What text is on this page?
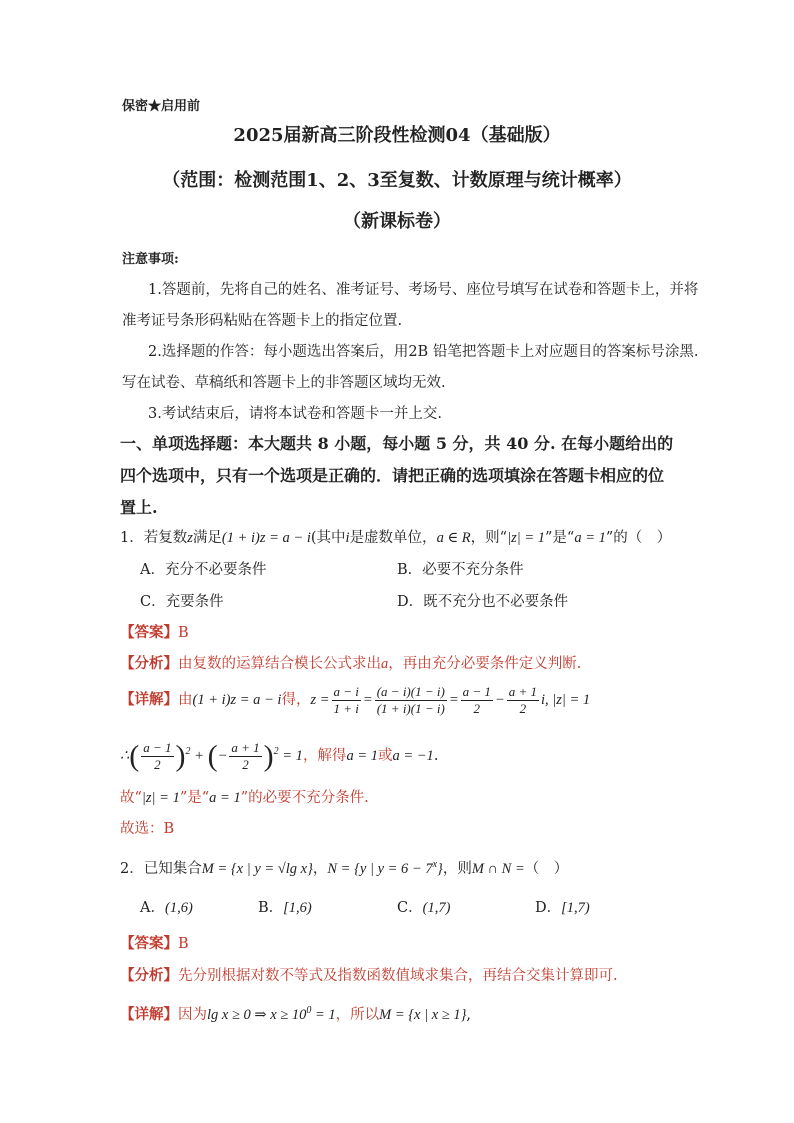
保密★启用前
2025届新高三阶段性检测04（基础版）
（范围：检测范围1、2、3至复数、计数原理与统计概率）
（新课标卷）
注意事项:
1.答题前，先将自己的姓名、准考证号、考场号、座位号填写在试卷和答题卡上，并将
准考证号条形码粘贴在答题卡上的指定位置.
2.选择题的作答：每小题选出答案后，用2B 铅笔把答题卡上对应题目的答案标号涂黑.
写在试卷、草稿纸和答题卡上的非答题区域均无效.
3.考试结束后，请将本试卷和答题卡一并上交.
一、单项选择题：本大题共 8 小题，每小题 5 分，共 40 分. 在每小题给出的
四个选项中，只有一个选项是正确的．请把正确的选项填涂在答题卡相应的位
置上.
1．若复数z满足(1 + i)z = a − i(其中i是虚数单位，a ∈ R，则“|z| = 1”是“a = 1”的（　）
A．充分不必要条件	B．必要不充分条件
C．充要条件	D．既不充分也不必要条件
【答案】B
【分析】由复数的运算结合模长公式求出a，再由充分必要条件定义判断.
【详解】由(1 + i)z = a − i得，$z = \frac{a - i}{1 + i} = \frac{(a - i)(1 - i)}{(1 + i)(1 - i)} = \frac{a - 1}{2} - \frac{a + 1}{2} i$, |z| = 1
∴( $\frac{a - 1}{2} )^2$ + (− $\frac{a + 1}{2} )^2 = 1$，解得a = 1或a = −1.
故“|z| = 1”是“a = 1”的必要不充分条件.
故选：B
2．已知集合M = {x | y = √lg x}，N = {y | $y = 6 - 7^x$}，则M ∩ N =（　）
A．(1,6)	B．[1,6)	C．(1,7)	D．[1,7)
【答案】B
【分析】先分别根据对数不等式及指数函数值域求集合，再结合交集计算即可.
【详解】因为lg x ≥ 0 ⇒ $x \ge 10^0 = 1$，所以M = {x | x ≥ 1},
